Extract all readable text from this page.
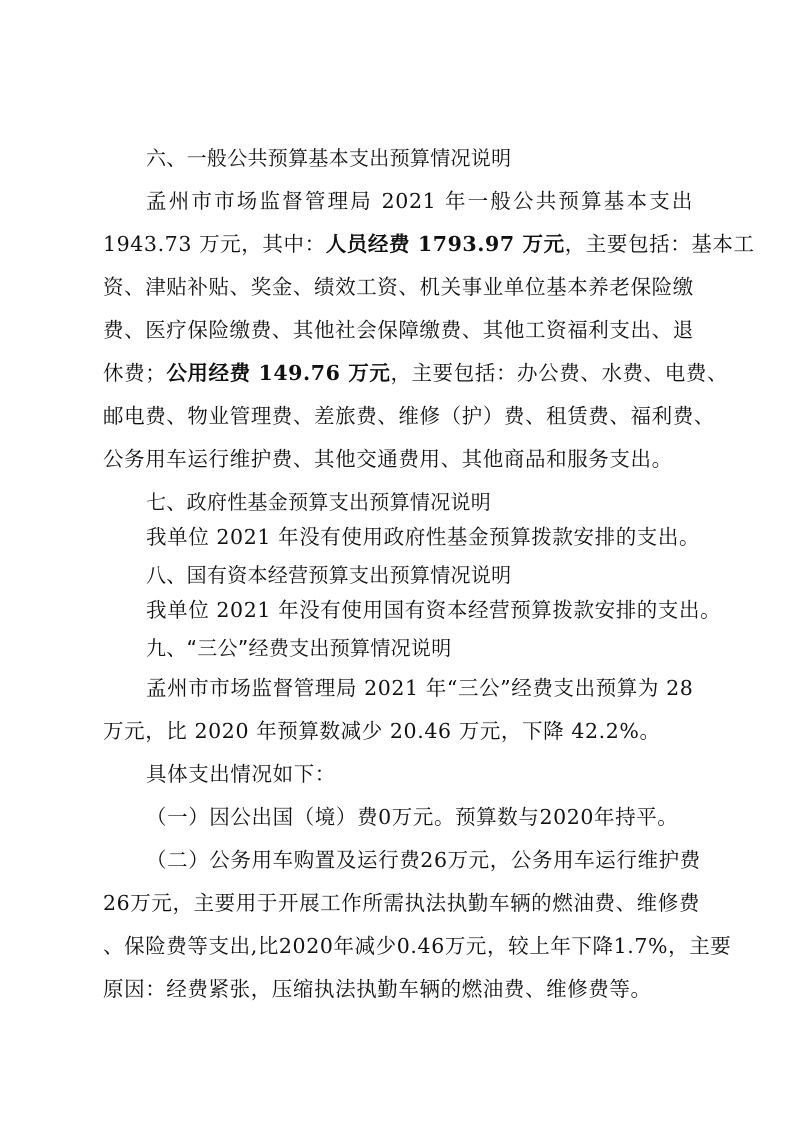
六、一般公共预算基本支出预算情况说明
孟州市市场监督管理局 2021 年一般公共预算基本支出
1943.73 万元，其中：人员经费 1793.97 万元，主要包括：基本工
资、津贴补贴、奖金、绩效工资、机关事业单位基本养老保险缴
费、医疗保险缴费、其他社会保障缴费、其他工资福利支出、退
休费；公用经费 149.76 万元，主要包括：办公费、水费、电费、
邮电费、物业管理费、差旅费、维修（护）费、租赁费、福利费、
公务用车运行维护费、其他交通费用、其他商品和服务支出。
七、政府性基金预算支出预算情况说明
我单位 2021 年没有使用政府性基金预算拨款安排的支出。
八、国有资本经营预算支出预算情况说明
我单位 2021 年没有使用国有资本经营预算拨款安排的支出。
九、“三公”经费支出预算情况说明
孟州市市场监督管理局 2021 年“三公”经费支出预算为 28
万元，比 2020 年预算数减少 20.46 万元，下降 42.2%。
具体支出情况如下：
（一）因公出国（境）费0万元。预算数与2020年持平。
（二）公务用车购置及运行费26万元，公务用车运行维护费
26万元，主要用于开展工作所需执法执勤车辆的燃油费、维修费
、保险费等支出,比2020年减少0.46万元，较上年下降1.7%，主要
原因：经费紧张，压缩执法执勤车辆的燃油费、维修费等。
